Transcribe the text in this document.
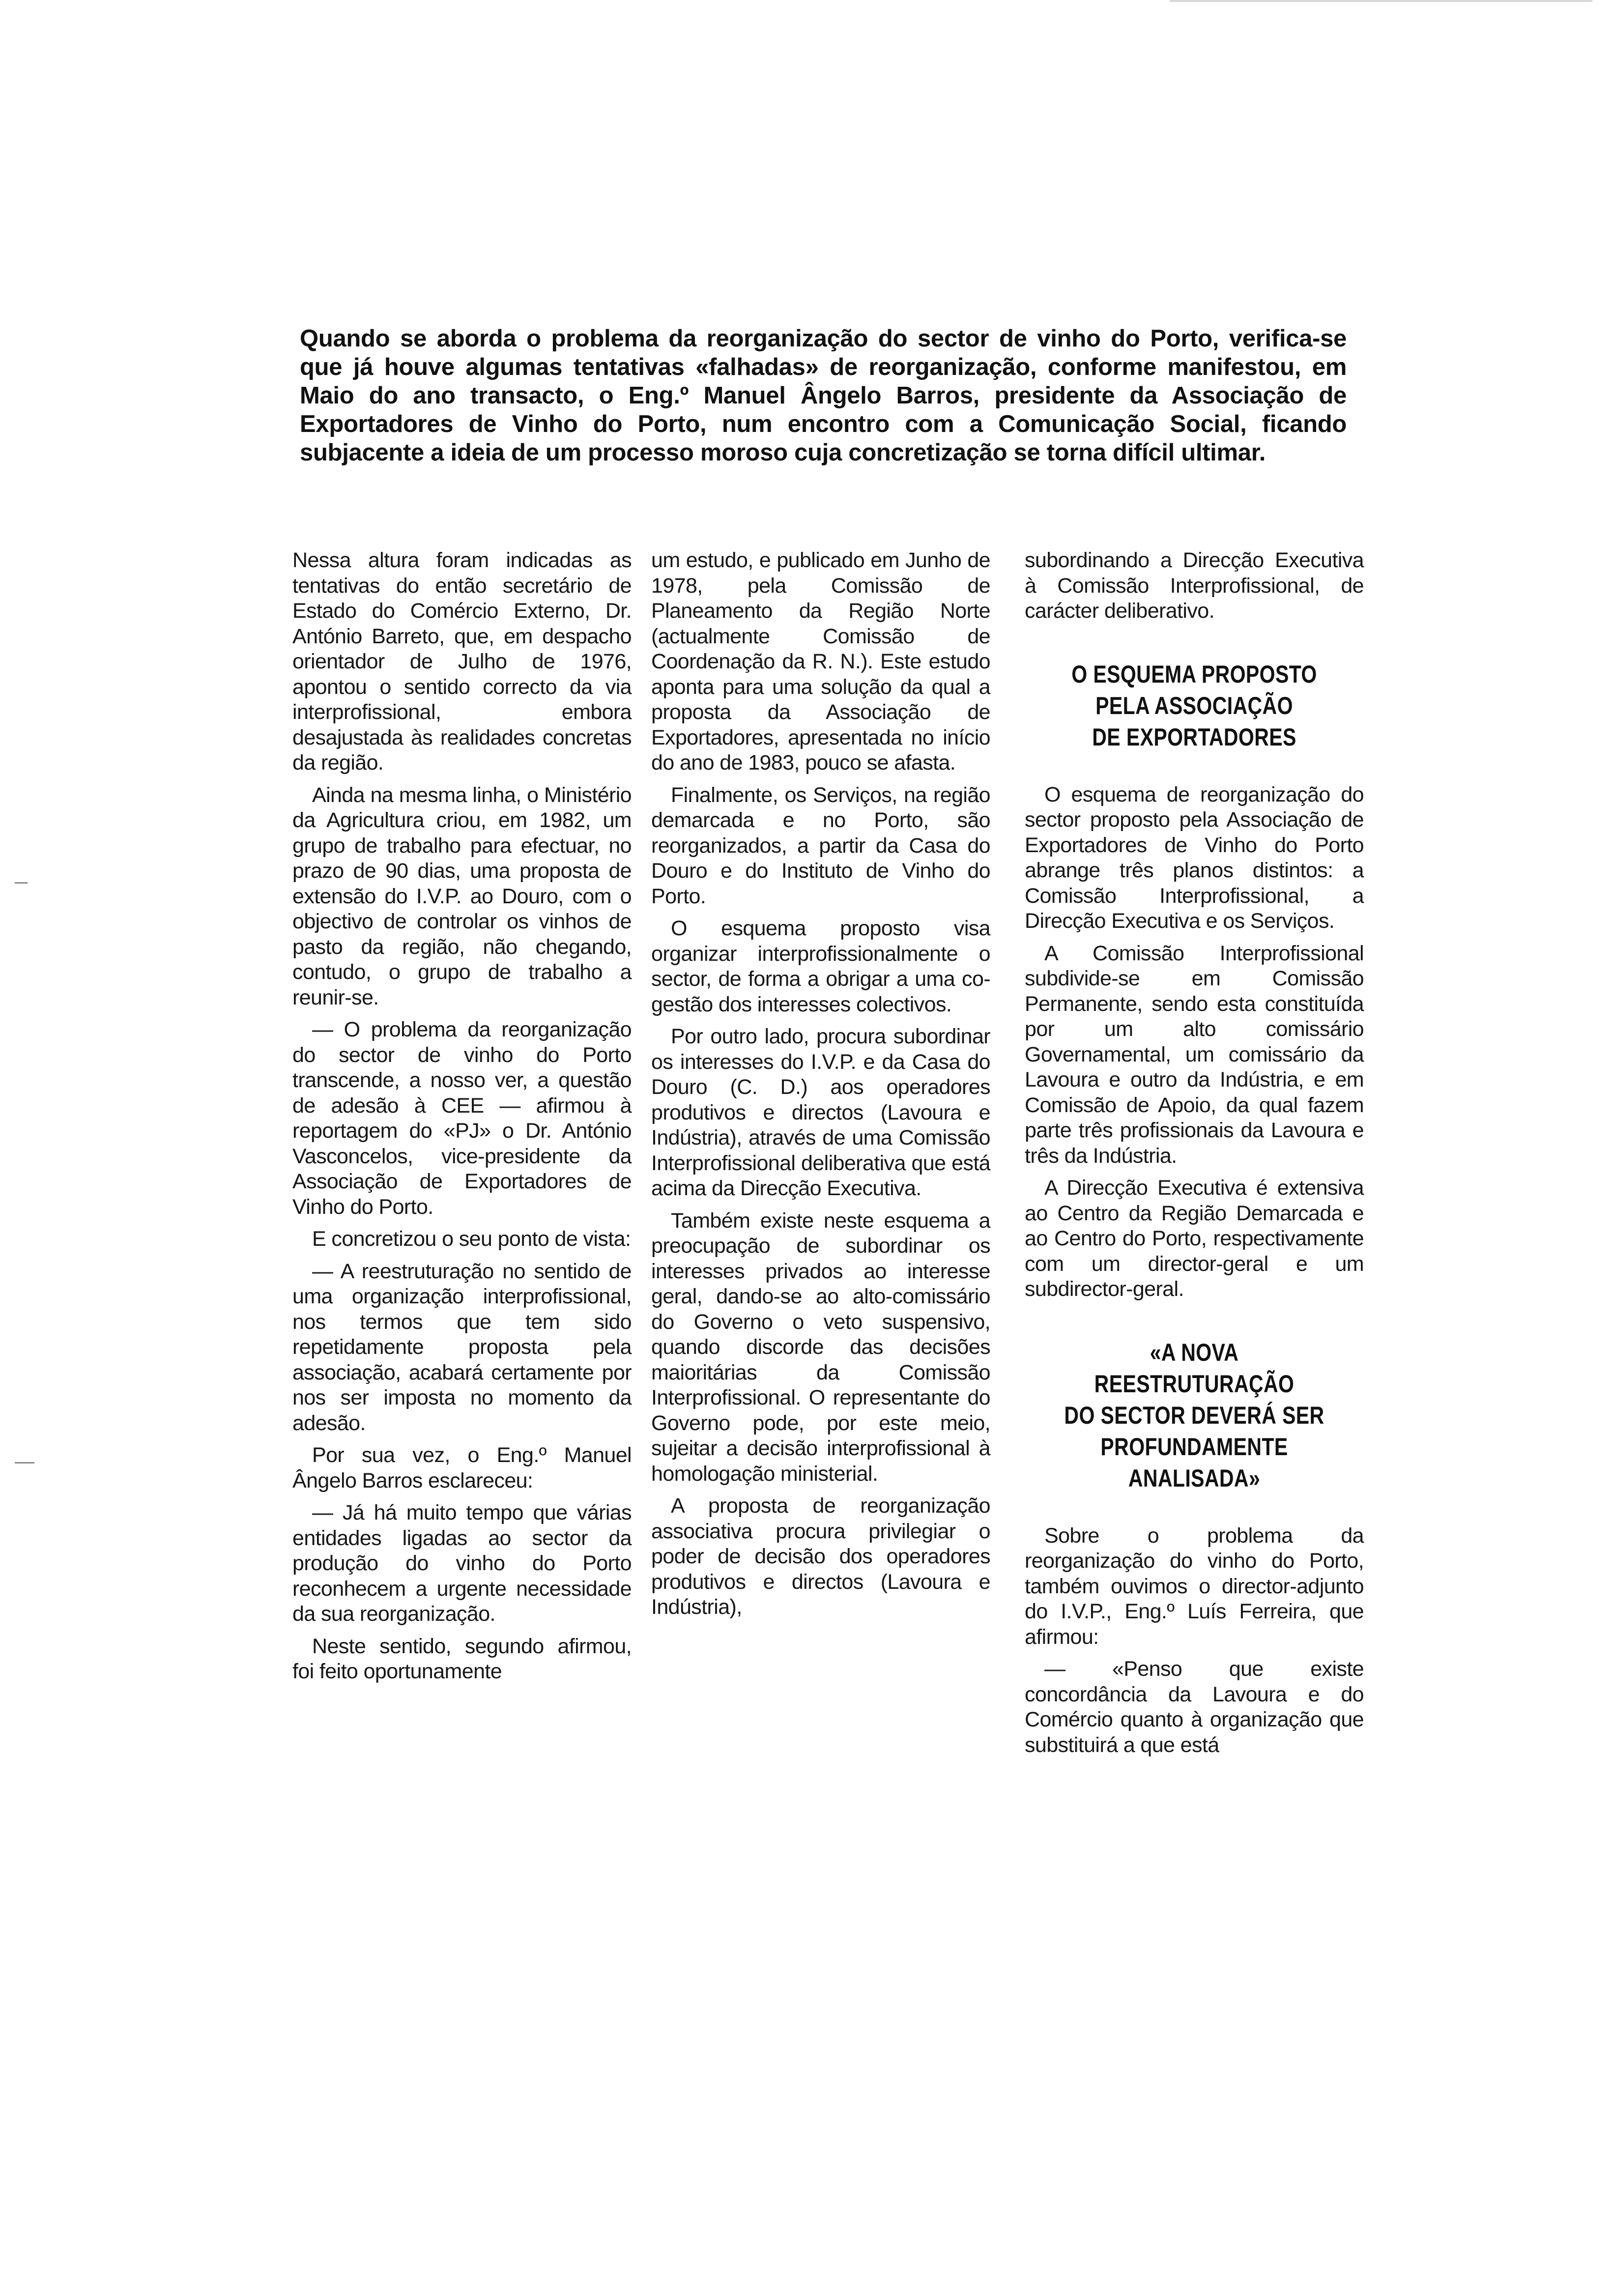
Quando se aborda o problema da reorganização do sector de vinho do Porto, verifica-se que já houve algumas tentativas «falhadas» de reorganização, conforme manifestou, em Maio do ano transacto, o Eng.º Manuel Ângelo Barros, presidente da Associação de Exportadores de Vinho do Porto, num encontro com a Comunicação Social, ficando subjacente a ideia de um processo moroso cuja concretização se torna difícil ultimar.

Nessa altura foram indicadas as tentativas do então secretário de Estado do Comércio Externo, Dr. António Barreto, que, em despacho orientador de Julho de 1976, apontou o sentido correcto da via interprofissional, embora desajustada às realidades concretas da região.

Ainda na mesma linha, o Ministério da Agricultura criou, em 1982, um grupo de trabalho para efectuar, no prazo de 90 dias, uma proposta de extensão do I.V.P. ao Douro, com o objectivo de controlar os vinhos de pasto da região, não chegando, contudo, o grupo de trabalho a reunir-se.

— O problema da reorganização do sector de vinho do Porto transcende, a nosso ver, a questão de adesão à CEE — afirmou à reportagem do «PJ» o Dr. António Vasconcelos, vice-presidente da Associação de Exportadores de Vinho do Porto.

E concretizou o seu ponto de vista:

— A reestruturação no sentido de uma organização interprofissional, nos termos que tem sido repetidamente proposta pela associação, acabará certamente por nos ser imposta no momento da adesão.

Por sua vez, o Eng.º Manuel Ângelo Barros esclareceu:

— Já há muito tempo que várias entidades ligadas ao sector da produção do vinho do Porto reconhecem a urgente necessidade da sua reorganização.

Neste sentido, segundo afirmou, foi feito oportunamente

um estudo, e publicado em Junho de 1978, pela Comissão de Planeamento da Região Norte (actualmente Comissão de Coordenação da R. N.). Este estudo aponta para uma solução da qual a proposta da Associação de Exportadores, apresentada no início do ano de 1983, pouco se afasta.

Finalmente, os Serviços, na região demarcada e no Porto, são reorganizados, a partir da Casa do Douro e do Instituto de Vinho do Porto.

O esquema proposto visa organizar interprofissionalmente o sector, de forma a obrigar a uma co-gestão dos interesses colectivos.

Por outro lado, procura subordinar os interesses do I.V.P. e da Casa do Douro (C. D.) aos operadores produtivos e directos (Lavoura e Indústria), através de uma Comissão Interprofissional deliberativa que está acima da Direcção Executiva.

Também existe neste esquema a preocupação de subordinar os interesses privados ao interesse geral, dando-se ao alto-comissário do Governo o veto suspensivo, quando discorde das decisões maioritárias da Comissão Interprofissional. O representante do Governo pode, por este meio, sujeitar a decisão interprofissional à homologação ministerial.

A proposta de reorganização associativa procura privilegiar o poder de decisão dos operadores produtivos e directos (Lavoura e Indústria),

subordinando a Direcção Executiva à Comissão Interprofissional, de carácter deliberativo.

O ESQUEMA PROPOSTO
PELA ASSOCIAÇÃO
DE EXPORTADORES

O esquema de reorganização do sector proposto pela Associação de Exportadores de Vinho do Porto abrange três planos distintos: a Comissão Interprofissional, a Direcção Executiva e os Serviços.

A Comissão Interprofissional subdivide-se em Comissão Permanente, sendo esta constituída por um alto comissário Governamental, um comissário da Lavoura e outro da Indústria, e em Comissão de Apoio, da qual fazem parte três profissionais da Lavoura e três da Indústria.

A Direcção Executiva é extensiva ao Centro da Região Demarcada e ao Centro do Porto, respectivamente com um director-geral e um subdirector-geral.

«A NOVA REESTRUTURAÇÃO
DO SECTOR DEVERÁ SER
PROFUNDAMENTE ANALISADA»

Sobre o problema da reorganização do vinho do Porto, também ouvimos o director-adjunto do I.V.P., Eng.º Luís Ferreira, que afirmou:

— «Penso que existe concordância da Lavoura e do Comércio quanto à organização que substituirá a que está
